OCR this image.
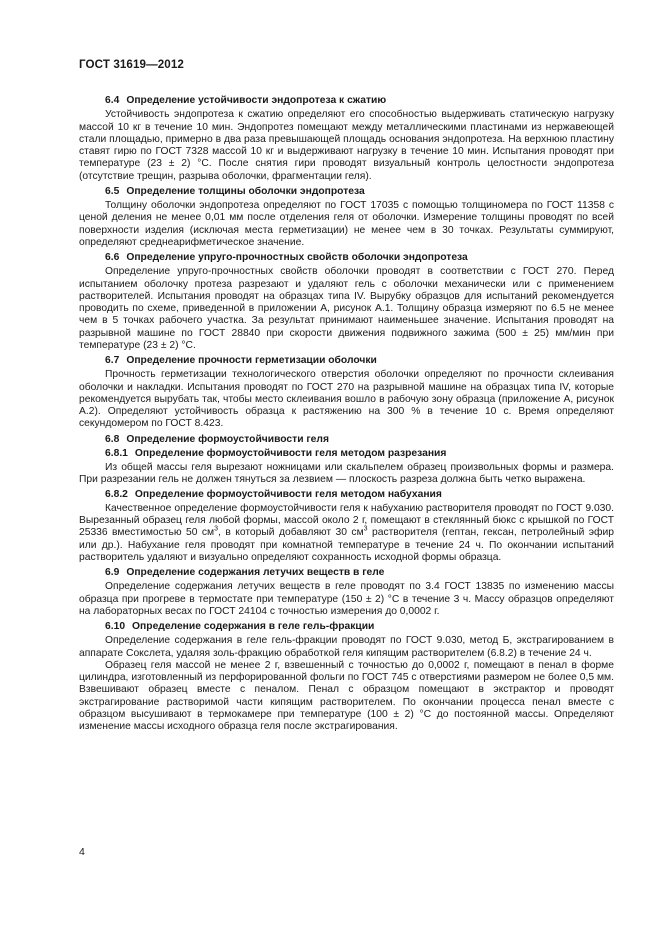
ГОСТ 31619—2012
6.4 Определение устойчивости эндопротеза к сжатию

Устойчивость эндопротеза к сжатию определяют его способностью выдерживать статическую нагрузку массой 10 кг в течение 10 мин. Эндопротез помещают между металлическими пластинами из нержавеющей стали площадью, примерно в два раза превышающей площадь основания эндопротеза. На верхнюю пластину ставят гирю по ГОСТ 7328 массой 10 кг и выдерживают нагрузку в течение 10 мин. Испытания проводят при температуре (23 ± 2) °С. После снятия гири проводят визуальный контроль целостности эндопротеза (отсутствие трещин, разрыва оболочки, фрагментации геля).

6.5 Определение толщины оболочки эндопротеза

Толщину оболочки эндопротеза определяют по ГОСТ 17035 с помощью толщиномера по ГОСТ 11358 с ценой деления не менее 0,01 мм после отделения геля от оболочки. Измерение толщины проводят по всей поверхности изделия (исключая места герметизации) не менее чем в 30 точках. Результаты суммируют, определяют среднеарифметическое значение.

6.6 Определение упруго-прочностных свойств оболочки эндопротеза

Определение упруго-прочностных свойств оболочки проводят в соответствии с ГОСТ 270. Перед испытанием оболочку протеза разрезают и удаляют гель с оболочки механически или с применением растворителей. Испытания проводят на образцах типа IV. Вырубку образцов для испытаний рекомендуется проводить по схеме, приведенной в приложении А, рисунок А.1. Толщину образца измеряют по 6.5 не менее чем в 5 точках рабочего участка. За результат принимают наименьшее значение. Испытания проводят на разрывной машине по ГОСТ 28840 при скорости движения подвижного зажима (500 ± 25) мм/мин при температуре (23 ± 2) °С.

6.7 Определение прочности герметизации оболочки

Прочность герметизации технологического отверстия оболочки определяют по прочности склеивания оболочки и накладки. Испытания проводят по ГОСТ 270 на разрывной машине на образцах типа IV, которые рекомендуется вырубать так, чтобы место склеивания вошло в рабочую зону образца (приложение А, рисунок А.2). Определяют устойчивость образца к растяжению на 300 % в течение 10 с. Время определяют секундомером по ГОСТ 8.423.

6.8 Определение формоустойчивости геля
6.8.1 Определение формоустойчивости геля методом разрезания

Из общей массы геля вырезают ножницами или скальпелем образец произвольных формы и размера. При разрезании гель не должен тянуться за лезвием — плоскость разреза должна быть четко выражена.

6.8.2 Определение формоустойчивости геля методом набухания

Качественное определение формоустойчивости геля к набуханию растворителя проводят по ГОСТ 9.030. Вырезанный образец геля любой формы, массой около 2 г, помещают в стеклянный бюкс с крышкой по ГОСТ 25336 вместимостью 50 $см^3$, в который добавляют 30 $см^3$ растворителя (гептан, гексан, петролейный эфир или др.). Набухание геля проводят при комнатной температуре в течение 24 ч. По окончании испытаний растворитель удаляют и визуально определяют сохранность исходной формы образца.

6.9 Определение содержания летучих веществ в геле

Определение содержания летучих веществ в геле проводят по 3.4 ГОСТ 13835 по изменению массы образца при прогреве в термостате при температуре (150 ± 2) °С в течение 3 ч. Массу образцов определяют на лабораторных весах по ГОСТ 24104 с точностью измерения до 0,0002 г.

6.10 Определение содержания в геле гель-фракции

Определение содержания в геле гель-фракции проводят по ГОСТ 9.030, метод Б, экстрагированием в аппарате Сокслета, удаляя золь-фракцию обработкой геля кипящим растворителем (6.8.2) в течение 24 ч.

Образец геля массой не менее 2 г, взвешенный с точностью до 0,0002 г, помещают в пенал в форме цилиндра, изготовленный из перфорированной фольги по ГОСТ 745 с отверстиями размером не более 0,5 мм. Взвешивают образец вместе с пеналом. Пенал с образцом помещают в экстрактор и проводят экстрагирование растворимой части кипящим растворителем. По окончании процесса пенал вместе с образцом высушивают в термокамере при температуре (100 ± 2) °С до постоянной массы. Определяют изменение массы исходного образца геля после экстрагирования.

4
